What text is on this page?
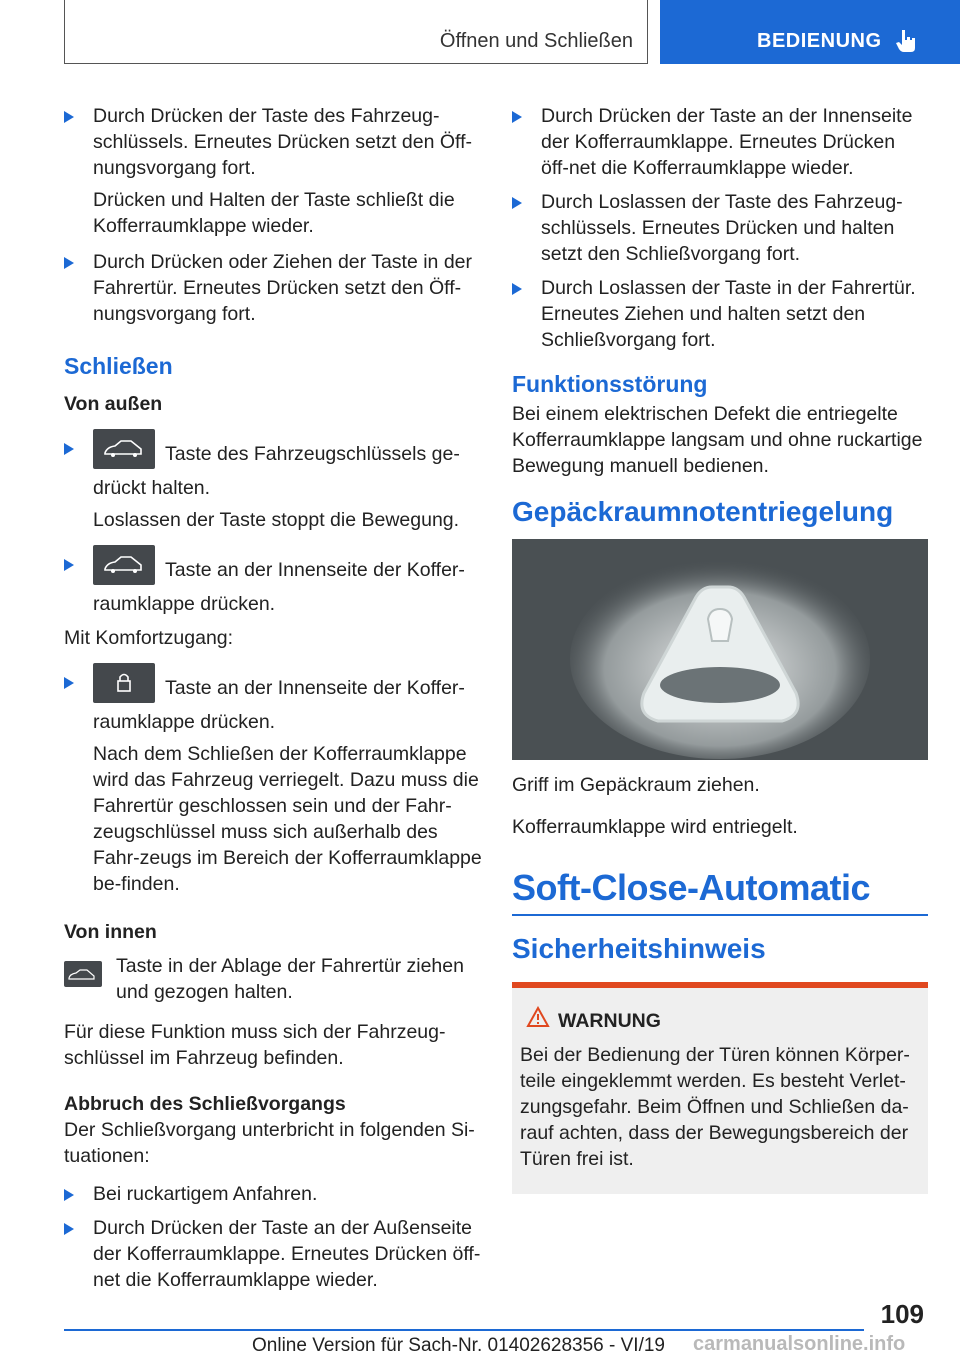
Öffnen und Schließen	BEDIENUNG

Durch Drücken der Taste des Fahrzeug-schlüssels. Erneutes Drücken setzt den Öff-nungsvorgang fort.

Drücken und Halten der Taste schließt die Kofferraumklappe wieder.

Durch Drücken oder Ziehen der Taste in der Fahrertür. Erneutes Drücken setzt den Öff-nungsvorgang fort.

Schließen

Von außen

Taste des Fahrzeugschlüssels ge-drückt halten.

Loslassen der Taste stoppt die Bewegung.

Taste an der Innenseite der Koffer-raumklappe drücken.

Mit Komfortzugang:

Taste an der Innenseite der Koffer-raumklappe drücken.

Nach dem Schließen der Kofferraumklappe wird das Fahrzeug verriegelt. Dazu muss die Fahrertür geschlossen sein und der Fahr-zeugschlüssel muss sich außerhalb des Fahr-zeugs im Bereich der Kofferraumklappe be-finden.

Von innen

Taste in der Ablage der Fahrertür ziehen und gezogen halten.

Für diese Funktion muss sich der Fahrzeug-schlüssel im Fahrzeug befinden.

Abbruch des Schließvorgangs

Der Schließvorgang unterbricht in folgenden Si-tuationen:

Bei ruckartigem Anfahren.

Durch Drücken der Taste an der Außenseite der Kofferraumklappe. Erneutes Drücken öff-net die Kofferraumklappe wieder.

Durch Drücken der Taste an der Innenseite der Kofferraumklappe. Erneutes Drücken öff-net die Kofferraumklappe wieder.

Durch Loslassen der Taste des Fahrzeug-schlüssels. Erneutes Drücken und halten setzt den Schließvorgang fort.

Durch Loslassen der Taste in der Fahrertür. Erneutes Ziehen und halten setzt den Schließvorgang fort.

Funktionsstörung

Bei einem elektrischen Defekt die entriegelte Kofferraumklappe langsam und ohne ruckartige Bewegung manuell bedienen.

Gepäckraumnotentriegelung

Griff im Gepäckraum ziehen.

Kofferraumklappe wird entriegelt.

Soft-Close-Automatic

Sicherheitshinweis

WARNUNG

Bei der Bedienung der Türen können Körper-teile eingeklemmt werden. Es besteht Verlet-zungsgefahr. Beim Öffnen und Schließen da-rauf achten, dass der Bewegungsbereich der Türen frei ist.

109
Online Version für Sach-Nr. 01402628356 - VI/19 carmanualsonline.info
